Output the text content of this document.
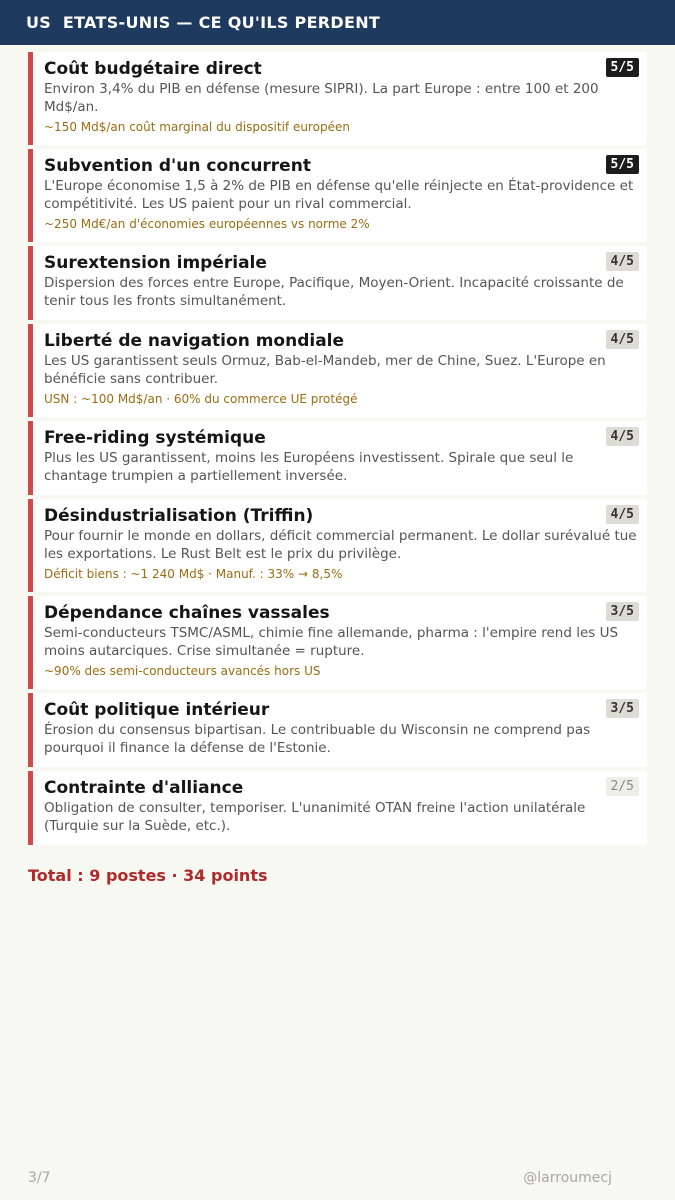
US  ETATS-UNIS — CE QU'ILS PERDENT
Coût budgétaire direct	5/5
Environ 3,4% du PIB en défense (mesure SIPRI). La part Europe : entre 100 et 200 Md$/an.
~150 Md$/an coût marginal du dispositif européen
Subvention d'un concurrent	5/5
L'Europe économise 1,5 à 2% de PIB en défense qu'elle réinjecte en État-providence et compétitivité. Les US paient pour un rival commercial.
~250 Md€/an d'économies européennes vs norme 2%
Surextension impériale	4/5
Dispersion des forces entre Europe, Pacifique, Moyen-Orient. Incapacité croissante de tenir tous les fronts simultanément.
Liberté de navigation mondiale	4/5
Les US garantissent seuls Ormuz, Bab-el-Mandeb, mer de Chine, Suez. L'Europe en bénéficie sans contribuer.
USN : ~100 Md$/an · 60% du commerce UE protégé
Free-riding systémique	4/5
Plus les US garantissent, moins les Européens investissent. Spirale que seul le chantage trumpien a partiellement inversée.
Désindustrialisation (Triffin)	4/5
Pour fournir le monde en dollars, déficit commercial permanent. Le dollar surévalué tue les exportations. Le Rust Belt est le prix du privilège.
Déficit biens : ~1 240 Md$ · Manuf. : 33% → 8,5%
Dépendance chaînes vassales	3/5
Semi-conducteurs TSMC/ASML, chimie fine allemande, pharma : l'empire rend les US moins autarciques. Crise simultanée = rupture.
~90% des semi-conducteurs avancés hors US
Coût politique intérieur	3/5
Érosion du consensus bipartisan. Le contribuable du Wisconsin ne comprend pas pourquoi il finance la défense de l'Estonie.
Contrainte d'alliance	2/5
Obligation de consulter, temporiser. L'unanimité OTAN freine l'action unilatérale (Turquie sur la Suède, etc.).
Total : 9 postes · 34 points
3/7	@larroumecj
